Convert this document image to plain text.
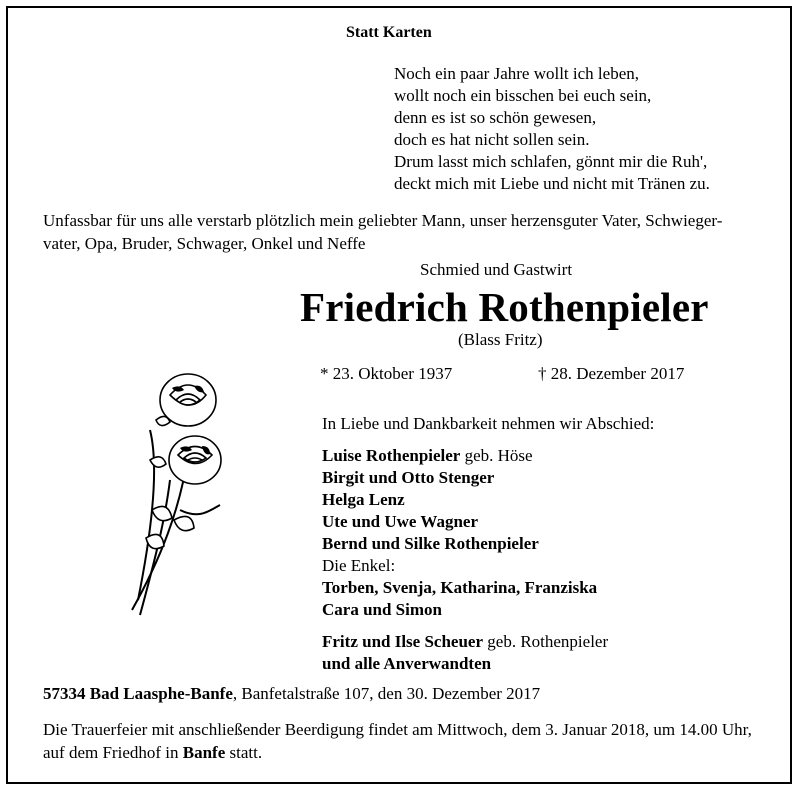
Statt Karten
Noch ein paar Jahre wollt ich leben,
wollt noch ein bisschen bei euch sein,
denn es ist so schön gewesen,
doch es hat nicht sollen sein.
Drum lasst mich schlafen, gönnt mir die Ruh',
deckt mich mit Liebe und nicht mit Tränen zu.
Unfassbar für uns alle verstarb plötzlich mein geliebter Mann, unser herzensguter Vater, Schwieger-
vater, Opa, Bruder, Schwager, Onkel und Neffe
Schmied und Gastwirt
Friedrich Rothenpieler
(Blass Fritz)
* 23. Oktober 1937	† 28. Dezember 2017
In Liebe und Dankbarkeit nehmen wir Abschied:
Luise Rothenpieler geb. Höse
Birgit und Otto Stenger
Helga Lenz
Ute und Uwe Wagner
Bernd und Silke Rothenpieler
Die Enkel:
Torben, Svenja, Katharina, Franziska
Cara und Simon
Fritz und Ilse Scheuer geb. Rothenpieler
und alle Anverwandten
57334 Bad Laasphe-Banfe, Banfetalstraße 107, den 30. Dezember 2017
Die Trauerfeier mit anschließender Beerdigung findet am Mittwoch, dem 3. Januar 2018, um 14.00 Uhr, auf dem Friedhof in Banfe statt.
